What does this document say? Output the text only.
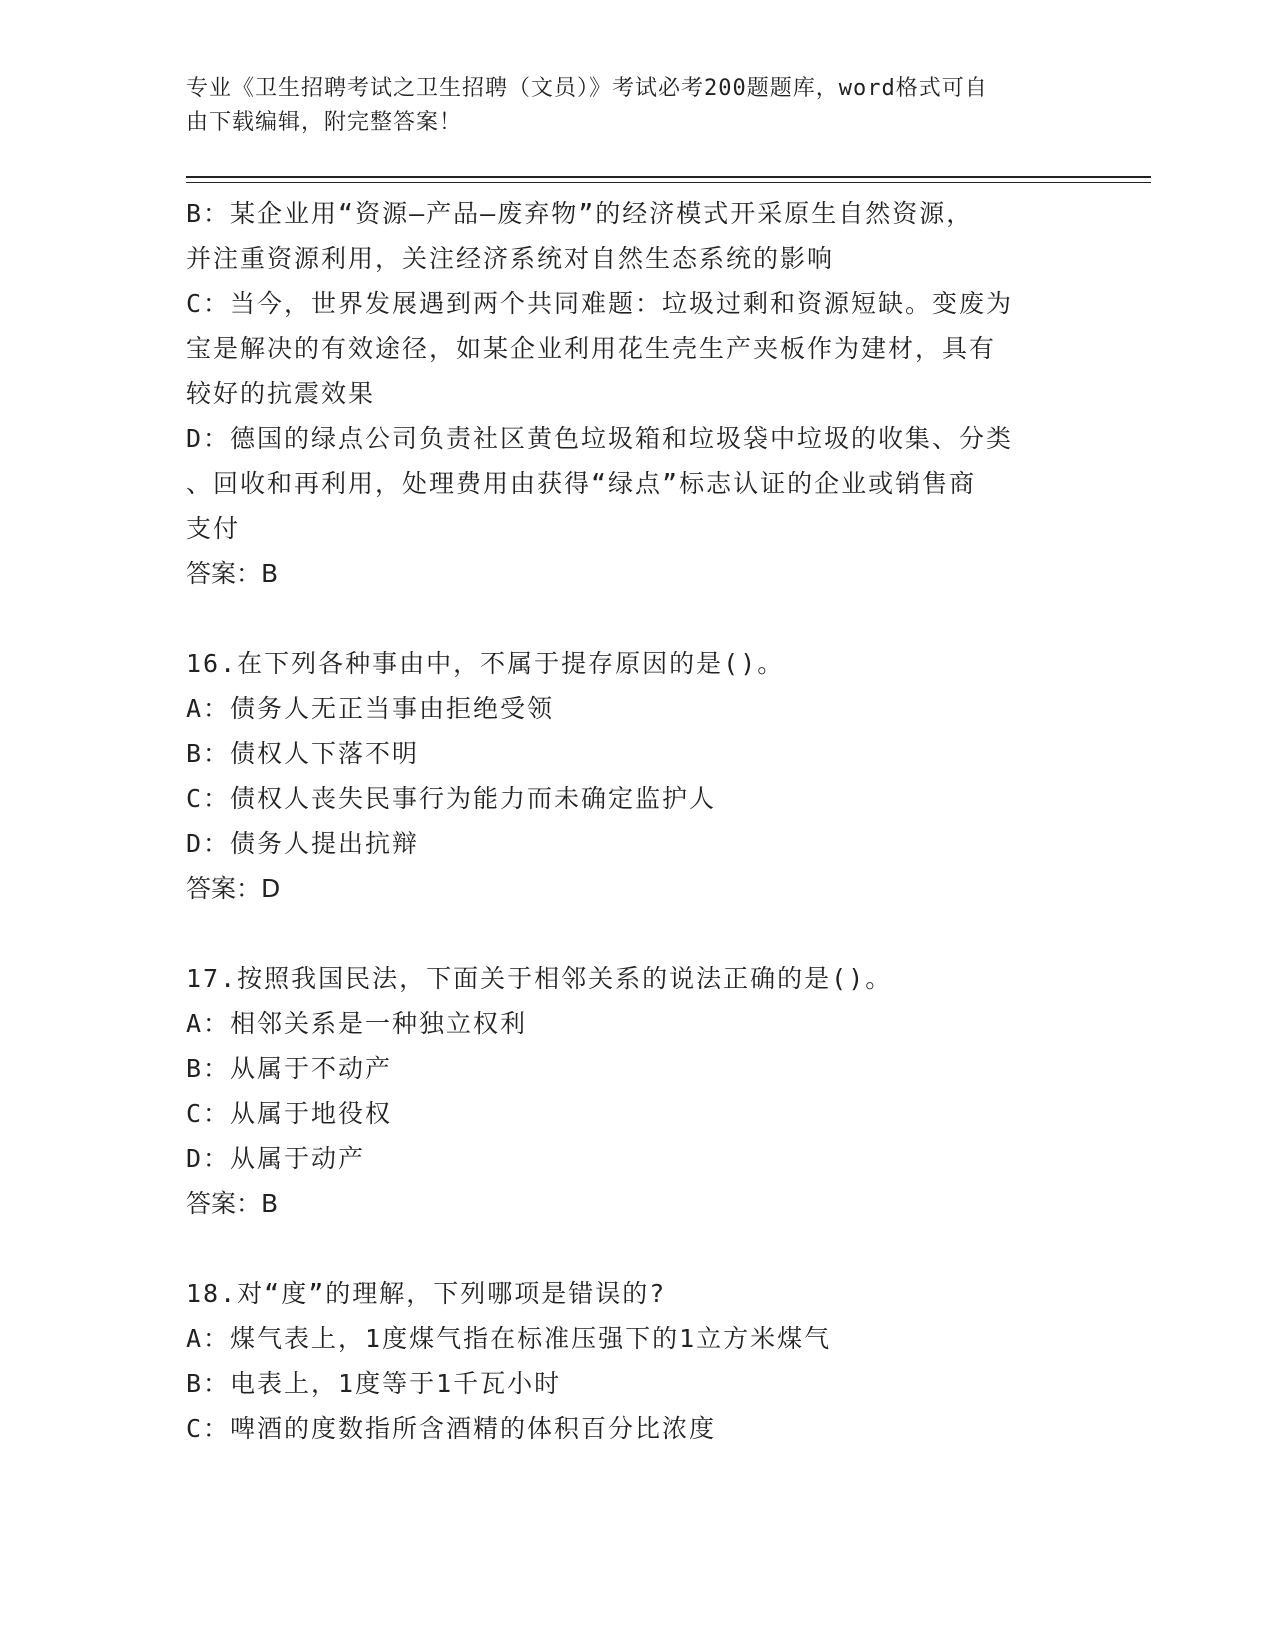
专业《卫生招聘考试之卫生招聘（文员）》考试必考200题题库，word格式可自
由下载编辑，附完整答案！
B：某企业用“资源—产品—废弃物”的经济模式开采原生自然资源，
并注重资源利用，关注经济系统对自然生态系统的影响
C：当今，世界发展遇到两个共同难题：垃圾过剩和资源短缺。变废为
宝是解决的有效途径，如某企业利用花生壳生产夹板作为建材，具有
较好的抗震效果
D：德国的绿点公司负责社区黄色垃圾箱和垃圾袋中垃圾的收集、分类
、回收和再利用，处理费用由获得“绿点”标志认证的企业或销售商
支付
答案：B
16.在下列各种事由中，不属于提存原因的是()。
A：债务人无正当事由拒绝受领
B：债权人下落不明
C：债权人丧失民事行为能力而未确定监护人
D：债务人提出抗辩
答案：D
17.按照我国民法，下面关于相邻关系的说法正确的是()。
A：相邻关系是一种独立权利
B：从属于不动产
C：从属于地役权
D：从属于动产
答案：B
18.对“度”的理解，下列哪项是错误的?
A：煤气表上，1度煤气指在标准压强下的1立方米煤气
B：电表上，1度等于1千瓦小时
C：啤酒的度数指所含酒精的体积百分比浓度
